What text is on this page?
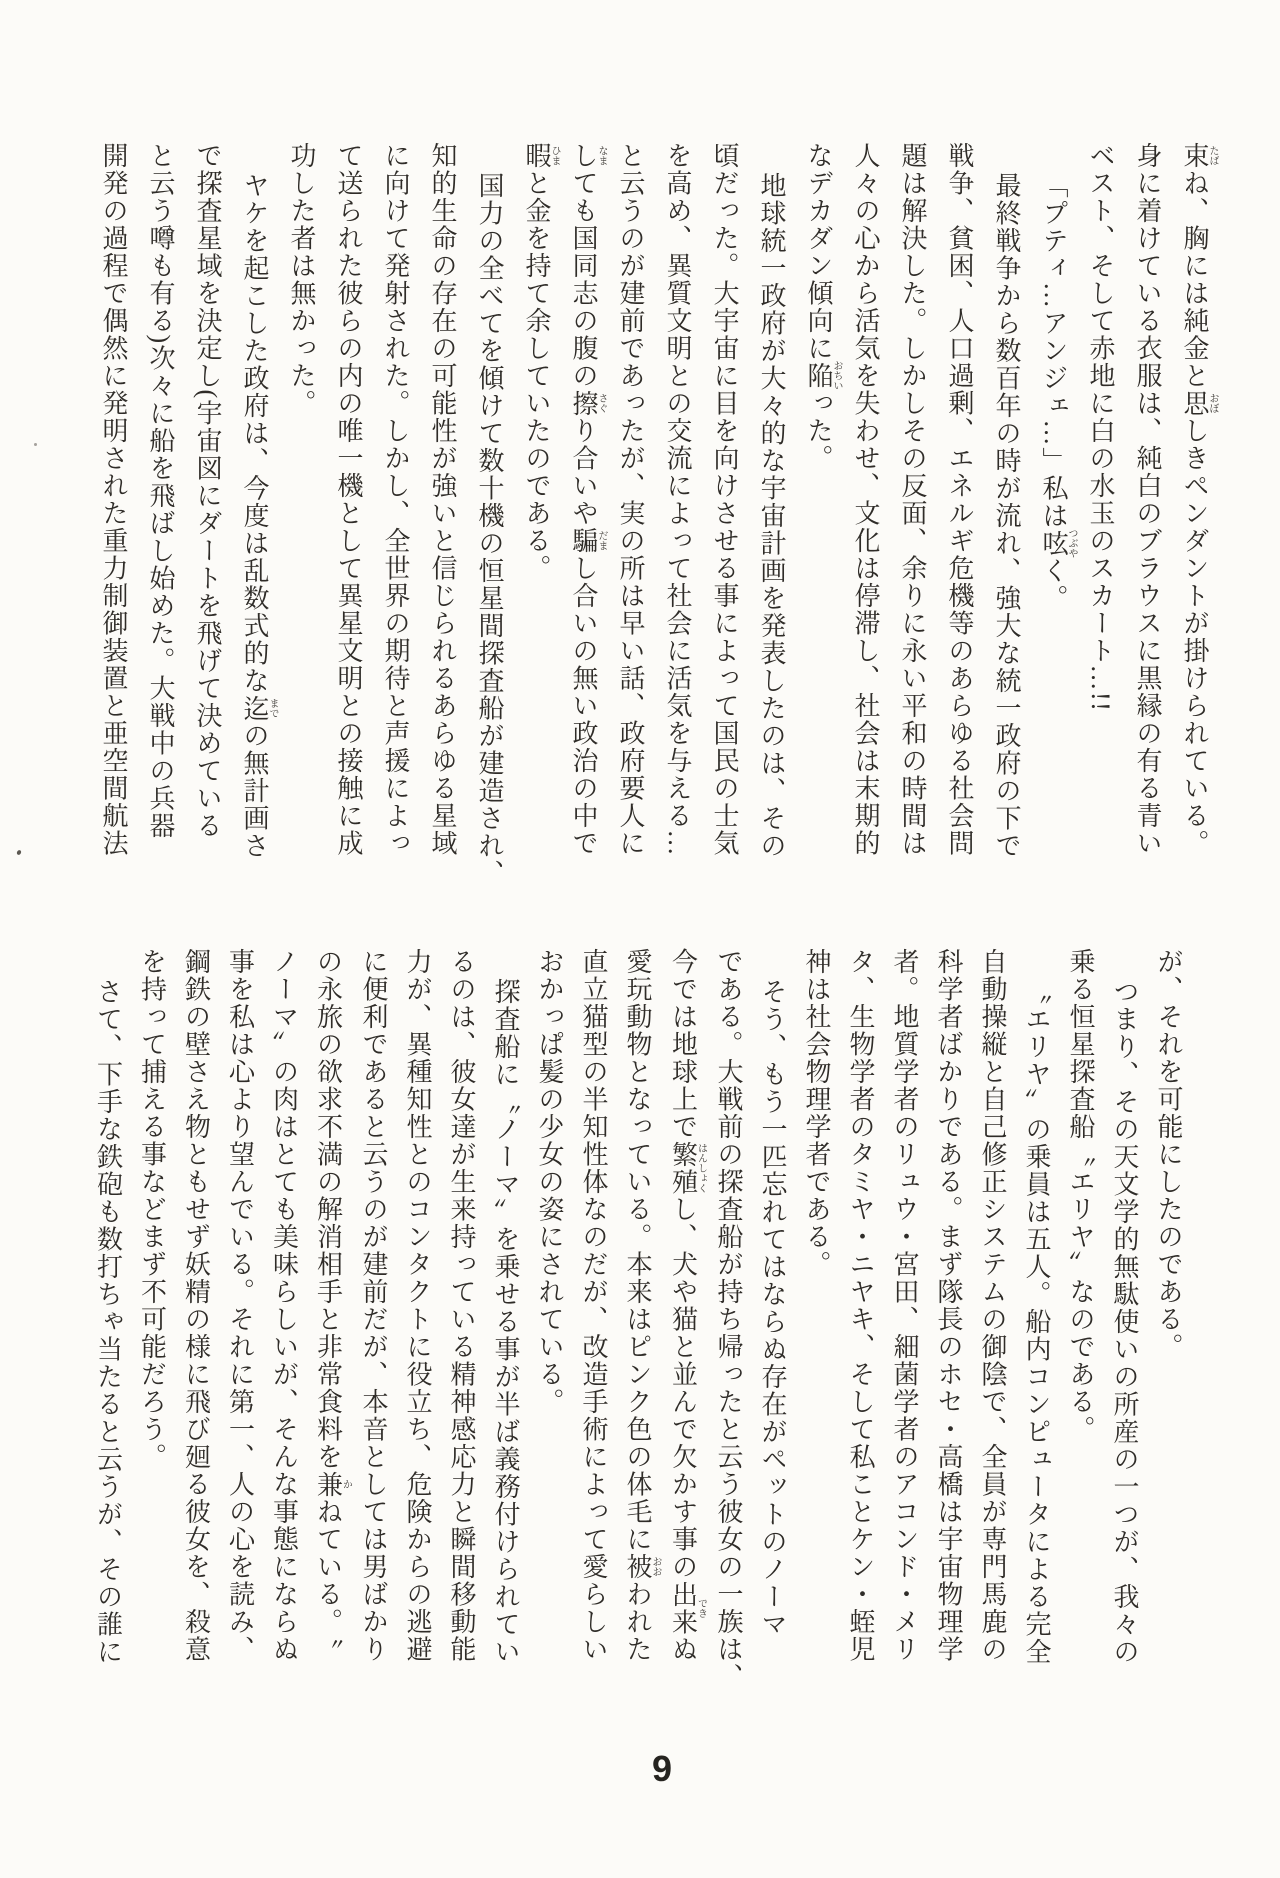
束たばね、胸には純金と思おぼしきペンダントが掛けられている。
身に着けている衣服は、純白のブラウスに黒縁の有る青い
ベスト、そして赤地に白の水玉のスカート…!!
「プティ…アンジェ…」私は呟つぶやく。
最終戦争から数百年の時が流れ、強大な統一政府の下で
戦争、貧困、人口過剰、エネルギ危機等のあらゆる社会問
題は解決した。しかしその反面、余りに永い平和の時間は
人々の心から活気を失わせ、文化は停滞し、社会は末期的
なデカダン傾向に陥おちいった。
地球統一政府が大々的な宇宙計画を発表したのは、その
頃だった。大宇宙に目を向けさせる事によって国民の士気
を高め、異質文明との交流によって社会に活気を与える…
と云うのが建前であったが、実の所は早い話、政府要人に
しなまても国同志の腹の擦さぐり合いや騙だまし合いの無い政治の中で
暇ひまと金を持て余していたのである。
国力の全べてを傾けて数十機の恒星間探査船が建造され、
知的生命の存在の可能性が強いと信じられるあらゆる星域
に向けて発射された。しかし、全世界の期待と声援によっ
て送られた彼らの内の唯一機として異星文明との接触に成
功した者は無かった。
ヤケを起こした政府は、今度は乱数式的な迄までの無計画さ
で探査星域を決定し(宇宙図にダートを飛げて決めている
と云う噂も有る)次々に船を飛ばし始めた。大戦中の兵器
開発の過程で偶然に発明された重力制御装置と亜空間航法
が、それを可能にしたのである。
つまり、その天文学的無駄使いの所産の一つが、我々の
乗る恒星探査船〝エリヤ〟なのである。
〝エリヤ〟の乗員は五人。船内コンピュータによる完全
自動操縦と自己修正システムの御陰で、全員が専門馬鹿の
科学者ばかりである。まず隊長のホセ・高橋は宇宙物理学
者。地質学者のリュウ・宮田、細菌学者のアコンド・メリ
タ、生物学者のタミヤ・ニヤキ、そして私ことケン・蛭児
神は社会物理学者である。
そう、もう一匹忘れてはならぬ存在がペットのノーマ
である。大戦前の探査船が持ち帰ったと云う彼女の一族は、
今では地球上で繁殖はんしょくし、犬や猫と並んで欠かす事の出来できぬ
愛玩動物となっている。本来はピンク色の体毛に被おおわれた
直立猫型の半知性体なのだが、改造手術によって愛らしい
おかっぱ髪の少女の姿にされている。
探査船に〝ノーマ〟を乗せる事が半ば義務付けられてい
るのは、彼女達が生来持っている精神感応力と瞬間移動能
力が、異種知性とのコンタクトに役立ち、危険からの逃避
に便利であると云うのが建前だが、本音としては男ばかり
の永旅の欲求不満の解消相手と非常食料を兼かねている。〝
ノーマ〟の肉はとても美味らしいが、そんな事態にならぬ
事を私は心より望んでいる。それに第一、人の心を読み、
鋼鉄の壁さえ物ともせず妖精の様に飛び廻る彼女を、殺意
を持って捕える事などまず不可能だろう。
さて、下手な鉄砲も数打ちゃ当たると云うが、その誰に
9
